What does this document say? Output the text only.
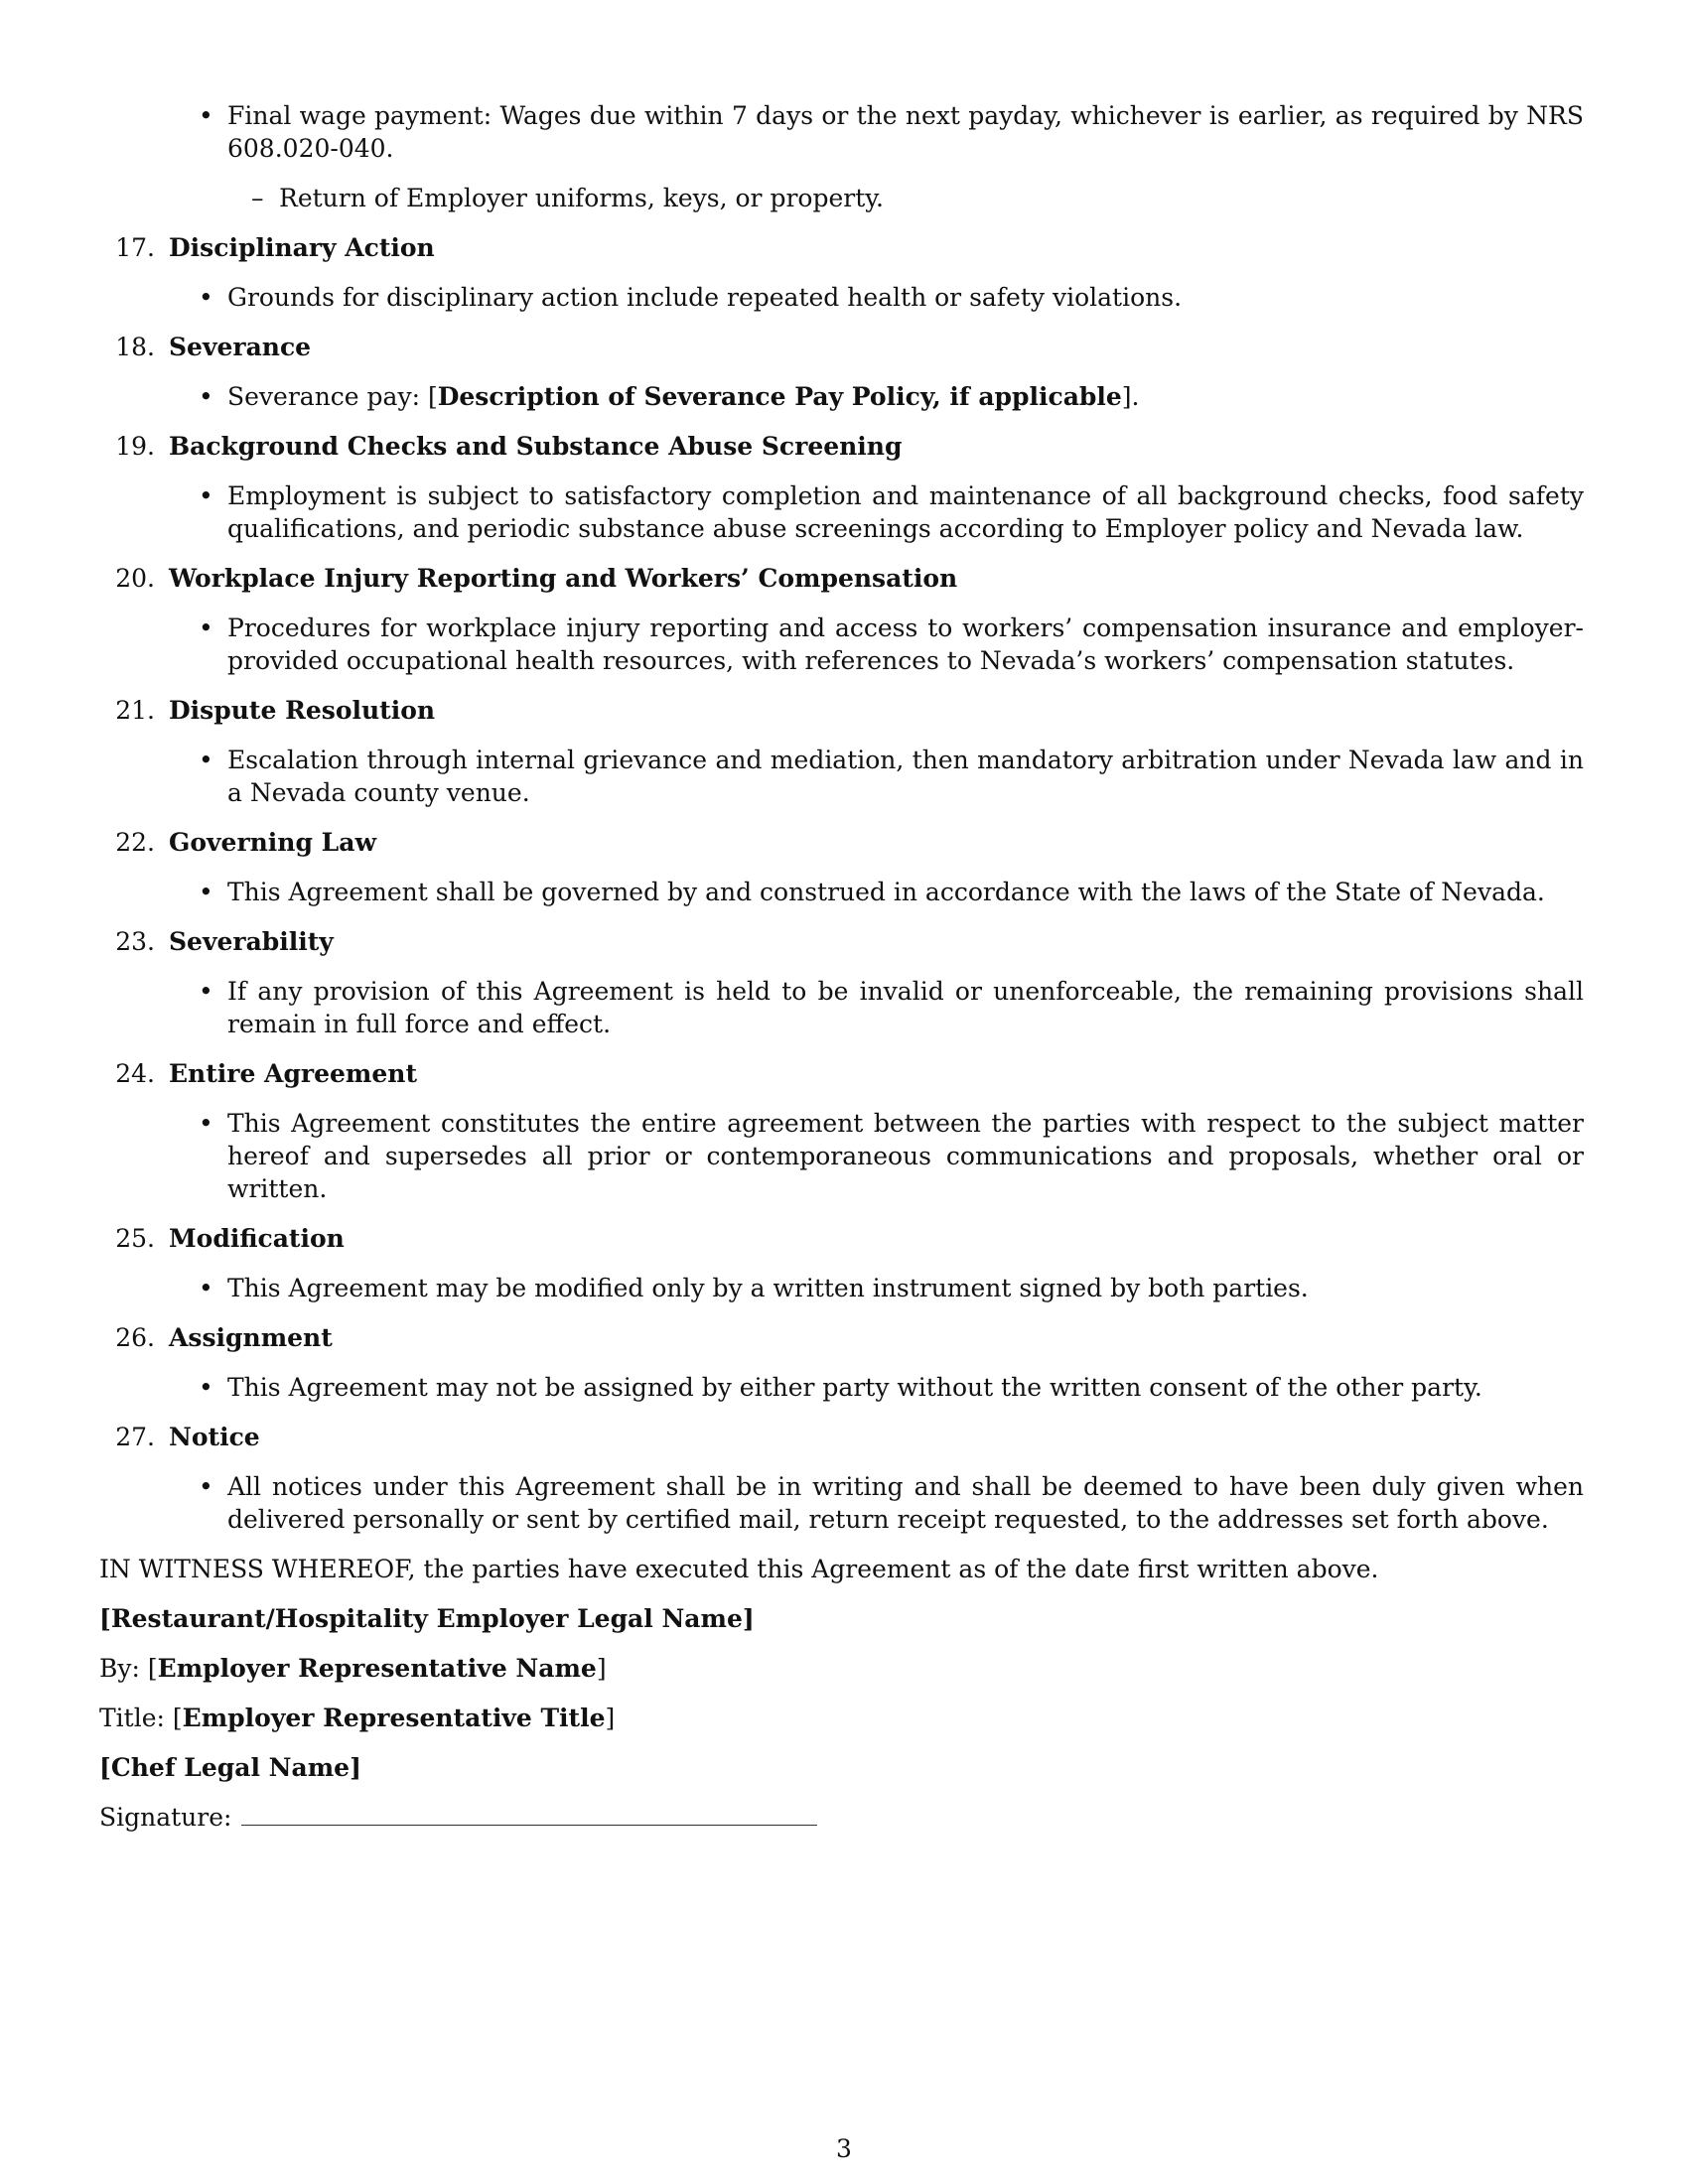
• Final wage payment: Wages due within 7 days or the next payday, whichever is earlier, as required by NRS 608.020-040.
– Return of Employer uniforms, keys, or property.
17. Disciplinary Action
• Grounds for disciplinary action include repeated health or safety violations.
18. Severance
• Severance pay: [Description of Severance Pay Policy, if applicable].
19. Background Checks and Substance Abuse Screening
• Employment is subject to satisfactory completion and maintenance of all background checks, food safety qualifications, and periodic substance abuse screenings according to Employer policy and Nevada law.
20. Workplace Injury Reporting and Workers’ Compensation
• Procedures for workplace injury reporting and access to workers’ compensation insurance and employer-provided occupational health resources, with references to Nevada’s workers’ compensation statutes.
21. Dispute Resolution
• Escalation through internal grievance and mediation, then mandatory arbitration under Nevada law and in a Nevada county venue.
22. Governing Law
• This Agreement shall be governed by and construed in accordance with the laws of the State of Nevada.
23. Severability
• If any provision of this Agreement is held to be invalid or unenforceable, the remaining provisions shall remain in full force and effect.
24. Entire Agreement
• This Agreement constitutes the entire agreement between the parties with respect to the subject matter hereof and supersedes all prior or contemporaneous communications and proposals, whether oral or written.
25. Modification
• This Agreement may be modified only by a written instrument signed by both parties.
26. Assignment
• This Agreement may not be assigned by either party without the written consent of the other party.
27. Notice
• All notices under this Agreement shall be in writing and shall be deemed to have been duly given when delivered personally or sent by certified mail, return receipt requested, to the addresses set forth above.

IN WITNESS WHEREOF, the parties have executed this Agreement as of the date first written above.

[Restaurant/Hospitality Employer Legal Name]

By: [Employer Representative Name]

Title: [Employer Representative Title]

[Chef Legal Name]

Signature:

3
